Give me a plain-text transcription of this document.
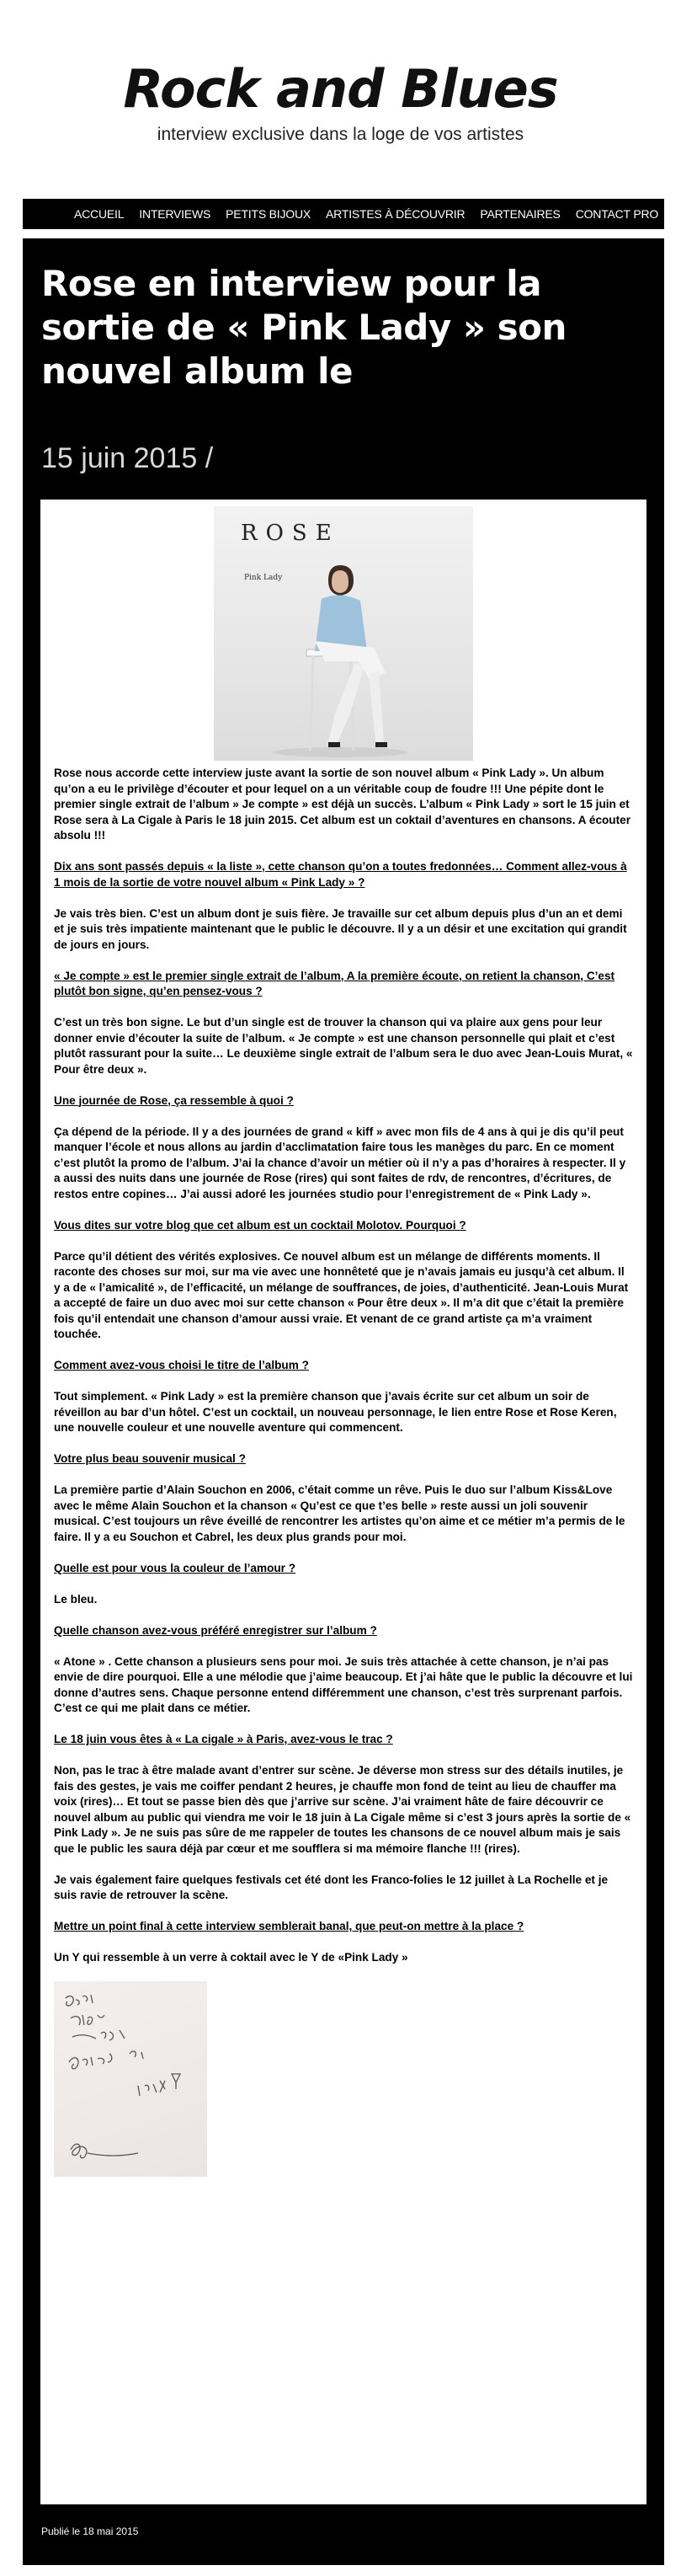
Rock and Blues
interview exclusive dans la loge de vos artistes
ACCUEIL	INTERVIEWS	PETITS BIJOUX	ARTISTES À DÉCOUVRIR	PARTENAIRES	CONTACT PRO
Rose en interview pour la sortie de « Pink Lady » son nouvel album le
15 juin 2015 /
ROSE
Pink Lady

Rose nous accorde cette interview juste avant la sortie de son nouvel album « Pink Lady ». Un album qu’on a eu le privilège d’écouter et pour lequel on a un véritable coup de foudre !!! Une pépite dont le premier single extrait de l’album » Je compte » est déjà un succès. L’album « Pink Lady » sort le 15 juin et Rose sera à La Cigale à Paris le 18 juin 2015. Cet album est un coktail d’aventures en chansons. A écouter absolu !!!

Dix ans sont passés depuis « la liste », cette chanson qu’on a toutes fredonnées… Comment allez-vous à 1 mois de la sortie de votre nouvel album « Pink Lady » ?

Je vais très bien. C’est un album dont je suis fière. Je travaille sur cet album depuis plus d’un an et demi et je suis très impatiente maintenant que le public le découvre. Il y a un désir et une excitation qui grandit de jours en jours.

« Je compte » est le premier single extrait de l’album, A la première écoute, on retient la chanson, C’est plutôt bon signe, qu’en pensez-vous ?

C’est un très bon signe. Le but d’un single est de trouver la chanson qui va plaire aux gens pour leur donner envie d’écouter la suite de l’album. « Je compte » est une chanson personnelle qui plait et c’est plutôt rassurant pour la suite… Le deuxième single extrait de l’album sera le duo avec Jean-Louis Murat, « Pour être deux ».

Une journée de Rose, ça ressemble à quoi ?

Ça dépend de la période. Il y a des journées de grand « kiff » avec mon fils de 4 ans à qui je dis qu’il peut manquer l’école et nous allons au jardin d’acclimatation faire tous les manèges du parc. En ce moment c’est plutôt la promo de l’album. J’ai la chance d’avoir un métier où il n’y a pas d’horaires à respecter. Il y a aussi des nuits dans une journée de Rose (rires) qui sont faites de rdv, de rencontres, d’écritures, de restos entre copines… J’ai aussi adoré les journées studio pour l’enregistrement de « Pink Lady ».

Vous dites sur votre blog que cet album est un cocktail Molotov. Pourquoi ?

Parce qu’il détient des vérités explosives. Ce nouvel album est un mélange de différents moments. Il raconte des choses sur moi, sur ma vie avec une honnêteté que je n’avais jamais eu jusqu’à cet album. Il y a de « l’amicalité », de l’efficacité, un mélange de souffrances, de joies, d’authenticité. Jean-Louis Murat a accepté de faire un duo avec moi sur cette chanson « Pour être deux ». Il m’a dit que c’était la première fois qu’il entendait une chanson d’amour aussi vraie. Et venant de ce grand artiste ça m’a vraiment touchée.

Comment avez-vous choisi le titre de l’album ?

Tout simplement. « Pink Lady » est la première chanson que j’avais écrite sur cet album un soir de réveillon au bar d’un hôtel. C’est un cocktail, un nouveau personnage, le lien entre Rose et Rose Keren, une nouvelle couleur et une nouvelle aventure qui commencent.

Votre plus beau souvenir musical ?

La première partie d’Alain Souchon en 2006, c’était comme un rêve. Puis le duo sur l’album Kiss&Love avec le même Alain Souchon et la chanson « Qu’est ce que t’es belle » reste aussi un joli souvenir musical. C’est toujours un rêve éveillé de rencontrer les artistes qu’on aime et ce métier m’a permis de le faire. Il y a eu Souchon et Cabrel, les deux plus grands pour moi.

Quelle est pour vous la couleur de l’amour ?

Le bleu.

Quelle chanson avez-vous préféré enregistrer sur l’album ?

« Atone » . Cette chanson a plusieurs sens pour moi. Je suis très attachée à cette chanson, je n’ai pas envie de dire pourquoi. Elle a une mélodie que j’aime beaucoup. Et j’ai hâte que le public la découvre et lui donne d’autres sens. Chaque personne entend différemment une chanson, c’est très surprenant parfois. C’est ce qui me plait dans ce métier.

Le 18 juin vous êtes à « La cigale » à Paris, avez-vous le trac ?

Non, pas le trac à être malade avant d’entrer sur scène. Je déverse mon stress sur des détails inutiles, je fais des gestes, je vais me coiffer pendant 2 heures, je chauffe mon fond de teint au lieu de chauffer ma voix (rires)… Et tout se passe bien dès que j’arrive sur scène. J’ai vraiment hâte de faire découvrir ce nouvel album au public qui viendra me voir le 18 juin à La Cigale même si c’est 3 jours après la sortie de « Pink Lady ». Je ne suis pas sûre de me rappeler de toutes les chansons de ce nouvel album mais je sais que le public les saura déjà par cœur et me soufflera si ma mémoire flanche !!! (rires).

Je vais également faire quelques festivals cet été dont les Franco-folies le 12 juillet à La Rochelle et je suis ravie de retrouver la scène.

Mettre un point final à cette interview semblerait banal, que peut-on mettre à la place ?

Un Y qui ressemble à un verre à coktail avec le Y de «Pink Lady »

Publié le 18 mai 2015
